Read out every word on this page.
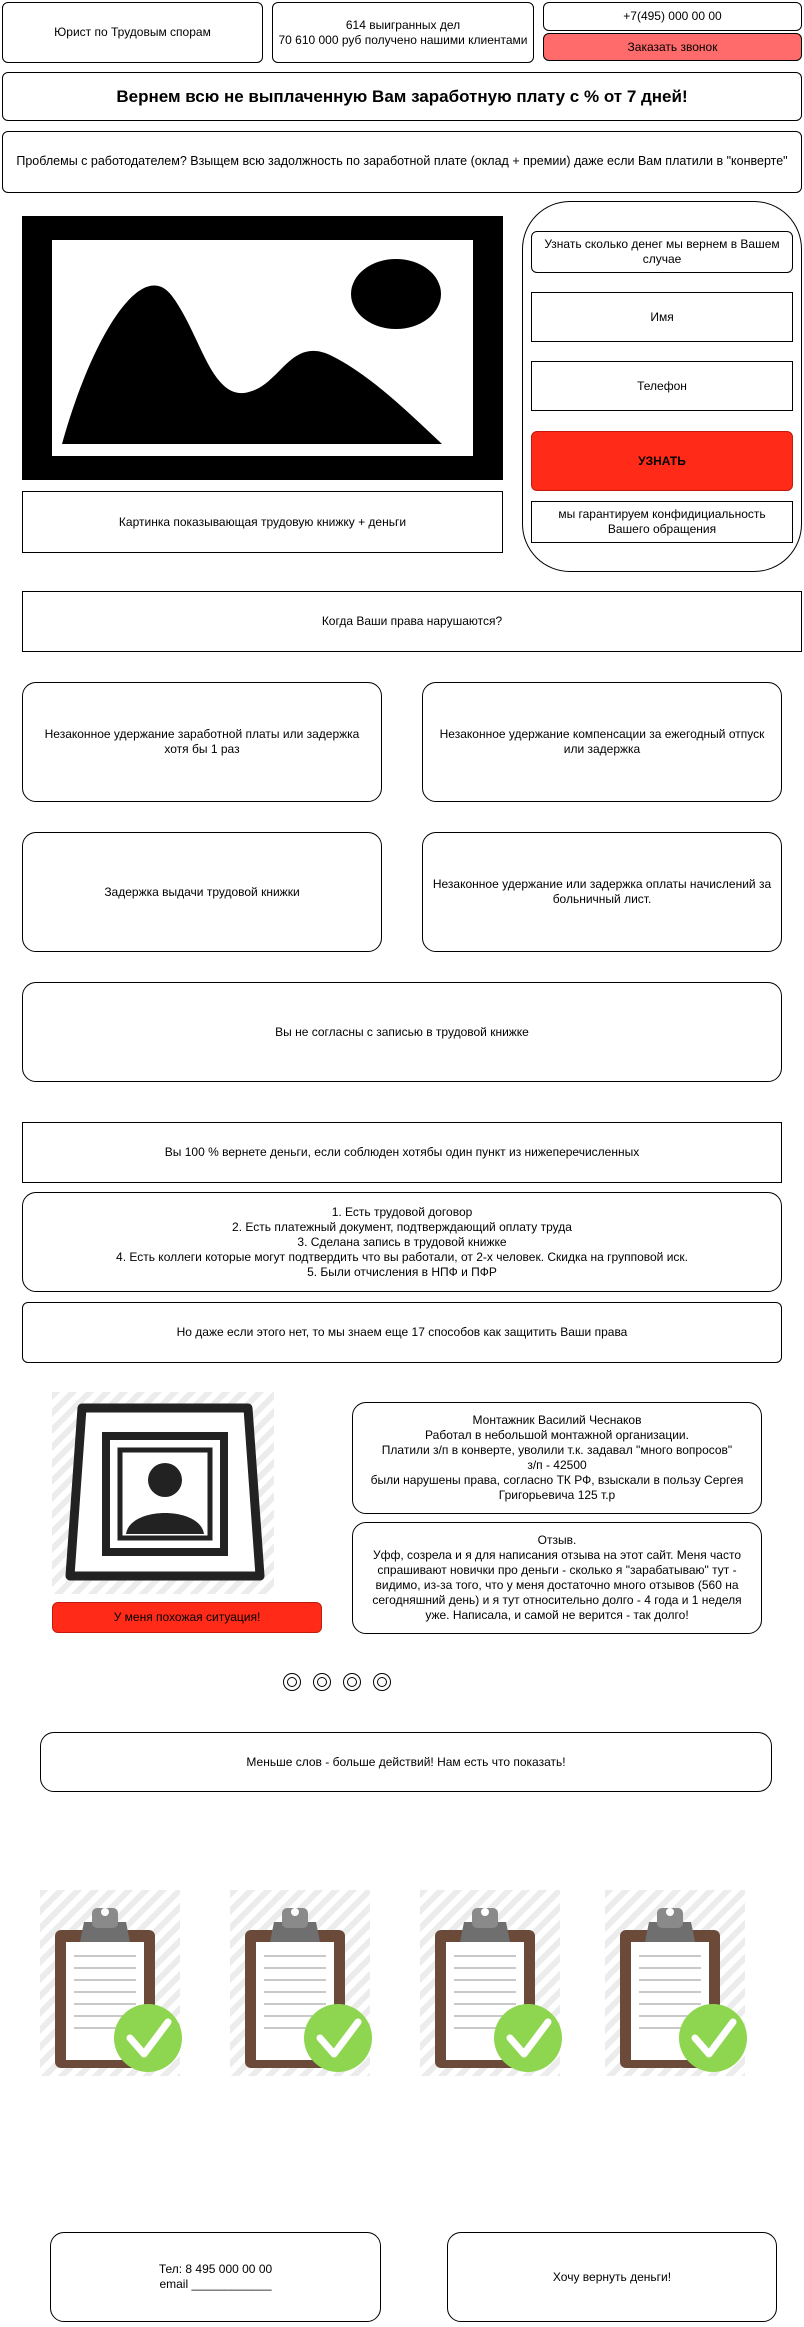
Юрист по Трудовым спорам
614 выигранных дел
70 610 000 руб получено нашими клиентами
+7(495) 000 00 00
Заказать звонок
Вернем всю не выплаченную Вам заработную плату с % от 7 дней!
Проблемы с работодателем? Взыщем всю задолжность по заработной плате (оклад + премии) даже если Вам платили в "конверте"
Картинка показывающая трудовую книжку + деньги
Узнать сколько денег мы вернем в Вашем случае
Имя
Телефон
УЗНАТЬ
мы гарантируем конфидициальность Вашего обращения
Когда Ваши права нарушаются?
Незаконное удержание заработной платы или задержка хотя бы 1 раз
Незаконное удержание компенсации за ежегодный отпуск или задержка
Задержка выдачи трудовой книжки
Незаконное удержание или задержка оплаты начислений за больничный лист.
Вы не согласны с записью в трудовой книжке
Вы 100 % вернете деньги, если соблюден хотябы один пункт из нижеперечисленных
1. Есть трудовой договор
2. Есть платежный документ, подтверждающий оплату труда
3. Сделана запись в трудовой книжке
4. Есть коллеги которые могут подтвердить что вы работали, от 2-х человек. Скидка на групповой иск.
5. Были отчисления в НПФ и ПФР
Но даже если этого нет, то мы знаем еще 17 способов как защитить Ваши права
У меня похожая ситуация!
Монтажник Василий Чеснаков
Работал в небольшой монтажной организации.
Платили з/п в конверте, уволили т.к. задавал "много вопросов"
з/п - 42500
были нарушены права, согласно ТК РФ, взыскали в пользу Сергея Григорьевича 125 т.р
Отзыв.
Уфф, созрела и я для написания отзыва на этот сайт. Меня часто спрашивают новички про деньги - сколько я "зарабатываю" тут - видимо, из-за того, что у меня достаточно много отзывов (560 на сегодняшний день) и я тут относительно долго - 4 года и 1 неделя уже. Написала, и самой не верится - так долго!
Меньше слов - больше действий! Нам есть что показать!
Тел: 8 495 000 00 00
email ____________
Хочу вернуть деньги!
